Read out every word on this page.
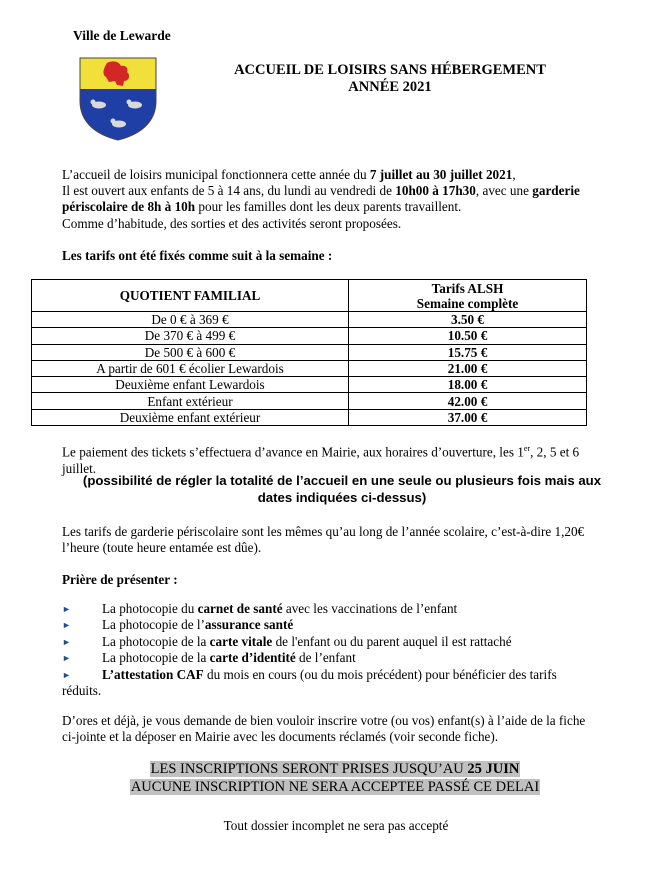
Ville de Lewarde
ACCUEIL DE LOISIRS SANS HÉBERGEMENT
ANNÉE 2021
L’accueil de loisirs municipal fonctionnera cette année du 7 juillet au 30 juillet 2021,
Il est ouvert aux enfants de 5 à 14 ans, du lundi au vendredi de 10h00 à 17h30, avec une garderie
périscolaire de 8h à 10h pour les familles dont les deux parents travaillent.
Comme d’habitude, des sorties et des activités seront proposées.
Les tarifs ont été fixés comme suit à la semaine :
QUOTIENT FAMILIAL	Tarifs ALSH
Semaine complète

De 0 € à 369 €	3.50 €
De 370 € à 499 €	10.50 €
De 500 € à 600 €	15.75 €
A partir de 601 € écolier Lewardois	21.00 €
Deuxième enfant Lewardois	18.00 €
Enfant extérieur	42.00 €
Deuxième enfant extérieur	37.00 €
Le paiement des tickets s’effectuera d’avance en Mairie, aux horaires d’ouverture, les 1er, 2, 5 et 6
juillet.
(possibilité de régler la totalité de l’accueil en une seule ou plusieurs fois mais aux
dates indiquées ci-dessus)
Les tarifs de garderie périscolaire sont les mêmes qu’au long de l’année scolaire, c’est-à-dire 1,20€
l’heure (toute heure entamée est dûe).
Prière de présenter :
► La photocopie du carnet de santé avec les vaccinations de l’enfant
► La photocopie de l’assurance santé
► La photocopie de la carte vitale de l'enfant ou du parent auquel il est rattaché
► La photocopie de la carte d’identité de l’enfant
► L’attestation CAF du mois en cours (ou du mois précédent) pour bénéficier des tarifs
réduits.
D’ores et déjà, je vous demande de bien vouloir inscrire votre (ou vos) enfant(s) à l’aide de la fiche
ci-jointe et la déposer en Mairie avec les documents réclamés (voir seconde fiche).
LES INSCRIPTIONS SERONT PRISES JUSQU’AU 25 JUIN
AUCUNE INSCRIPTION NE SERA ACCEPTEE PASSÉ CE DELAI
Tout dossier incomplet ne sera pas accepté
